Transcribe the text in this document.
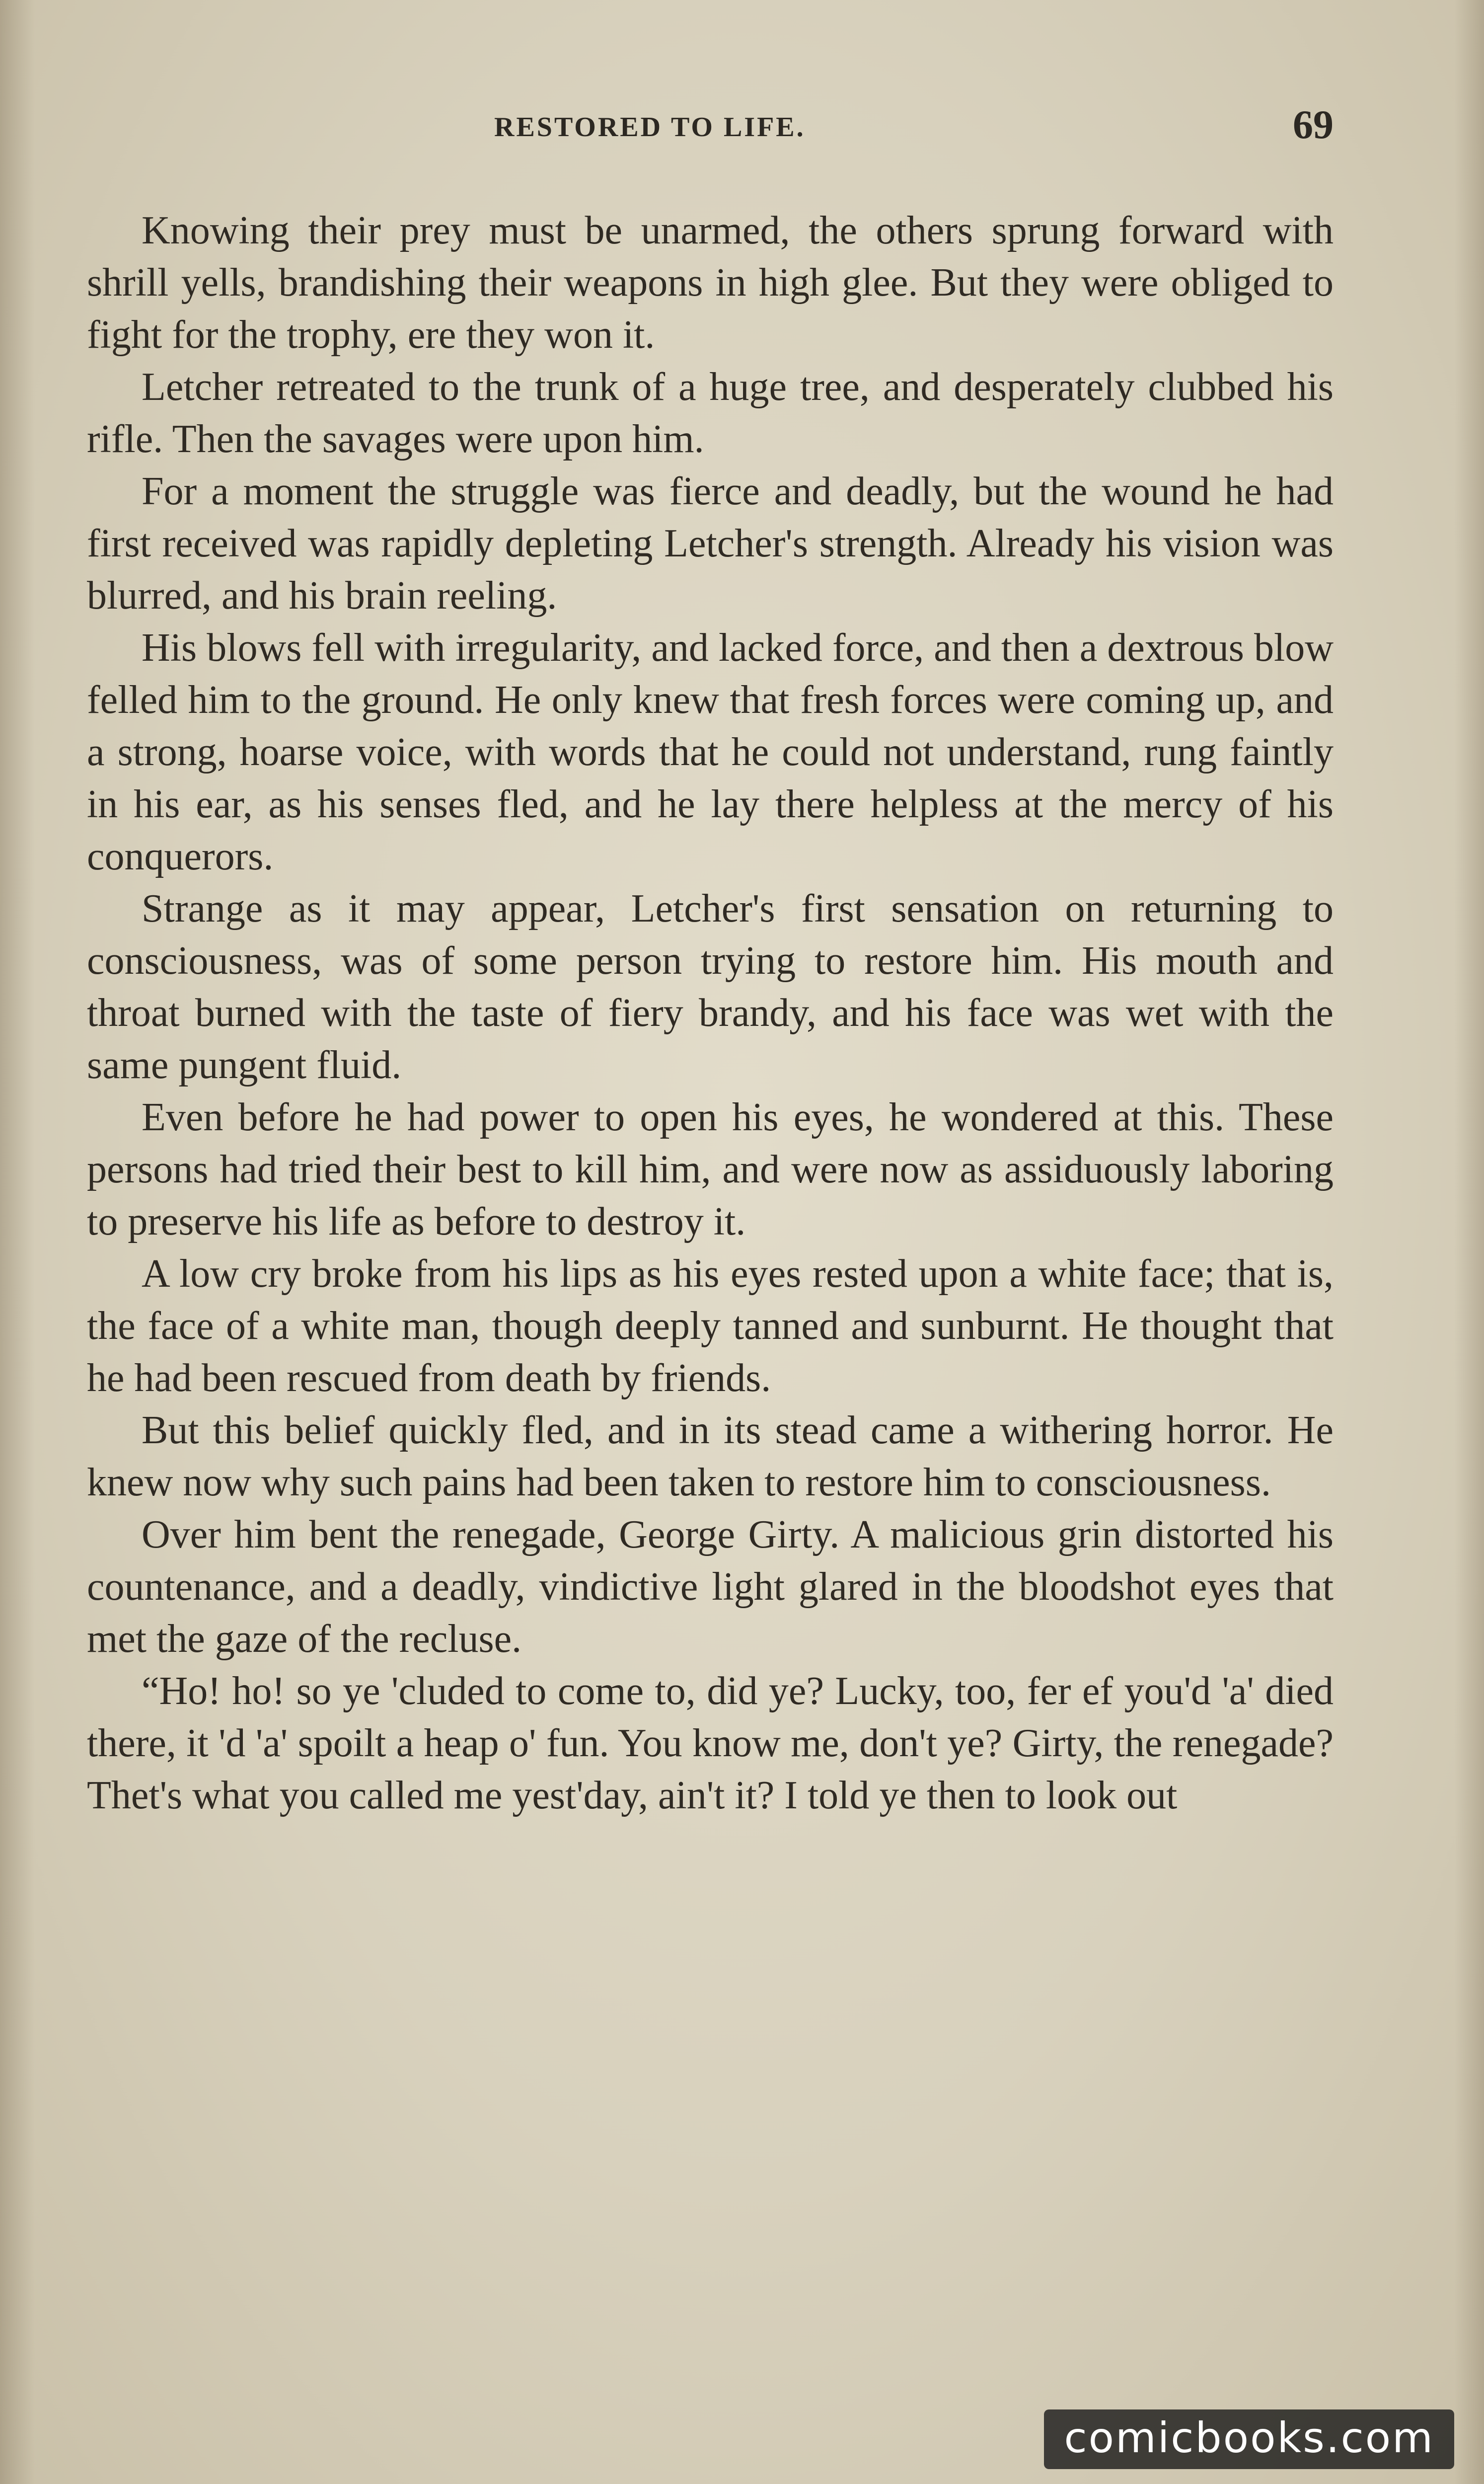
RESTORED TO LIFE.	69

Knowing their prey must be unarmed, the others sprung forward with shrill yells, brandishing their weapons in high glee. But they were obliged to fight for the trophy, ere they won it.

Letcher retreated to the trunk of a huge tree, and desperately clubbed his rifle. Then the savages were upon him.

For a moment the struggle was fierce and deadly, but the wound he had first received was rapidly depleting Letcher's strength. Already his vision was blurred, and his brain reeling.

His blows fell with irregularity, and lacked force, and then a dextrous blow felled him to the ground. He only knew that fresh forces were coming up, and a strong, hoarse voice, with words that he could not understand, rung faintly in his ear, as his senses fled, and he lay there helpless at the mercy of his conquerors.

Strange as it may appear, Letcher's first sensation on returning to consciousness, was of some person trying to restore him. His mouth and throat burned with the taste of fiery brandy, and his face was wet with the same pungent fluid.

Even before he had power to open his eyes, he wondered at this. These persons had tried their best to kill him, and were now as assiduously laboring to preserve his life as before to destroy it.

A low cry broke from his lips as his eyes rested upon a white face; that is, the face of a white man, though deeply tanned and sunburnt. He thought that he had been rescued from death by friends.

But this belief quickly fled, and in its stead came a withering horror. He knew now why such pains had been taken to restore him to consciousness.

Over him bent the renegade, George Girty. A malicious grin distorted his countenance, and a deadly, vindictive light glared in the bloodshot eyes that met the gaze of the recluse.

“Ho! ho! so ye 'cluded to come to, did ye? Lucky, too, fer ef you'd 'a' died there, it 'd 'a' spoilt a heap o' fun. You know me, don't ye? Girty, the renegade? Thet's what you called me yest'day, ain't it? I told ye then to look out

comicbooks.com
